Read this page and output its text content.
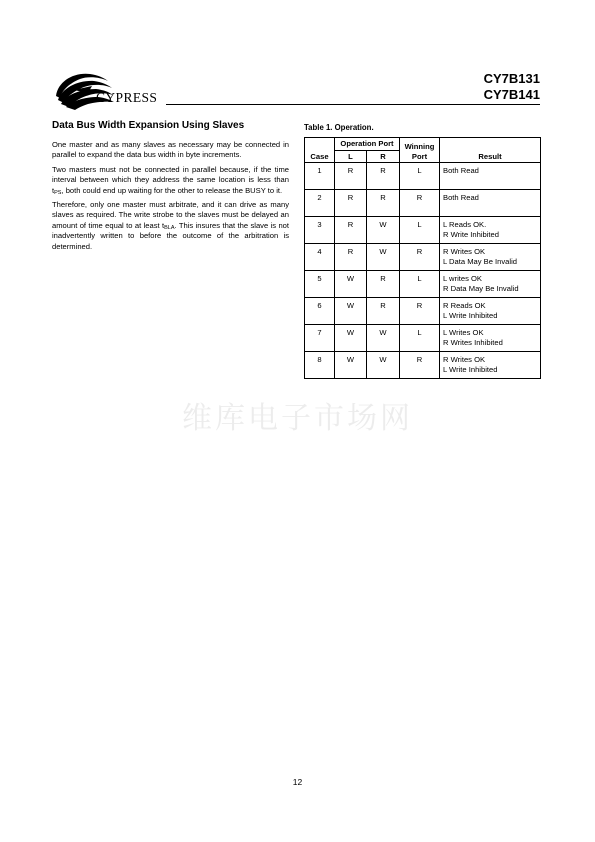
CYPRESS
CY7B131
CY7B141
Data Bus Width Expansion Using Slaves

One master and as many slaves as necessary may be connected in parallel to expand the data bus width in byte increments.

Two masters must not be connected in parallel because, if the time interval between which they address the same location is less than $t_{PS}$, both could end up waiting for the other to release the BUSY to it.

Therefore, only one master must arbitrate, and it can drive as many slaves as required. The write strobe to the slaves must be delayed an amount of time equal to at least $t_{BLA}$. This insures that the slave is not inadvertently written to before the outcome of the arbitration is determined.

Table 1. Operation.
Case	Operation Port		Winning Port	Result
	L	R		
1	R	R	L	Both Read

2	R	R	R	Both Read

3	R	W	L	L Reads OK.
R Write Inhibited

4	R	W	R	R Writes OK
L Data May Be Invalid

5	W	R	L	L writes OK
R Data May Be Invalid

6	W	R	R	R Reads OK
L Write Inhibited

7	W	W	L	L Writes OK
R Writes Inhibited

8	W	W	R	R Writes OK
L Write Inhibited
维库电子市场网
12
